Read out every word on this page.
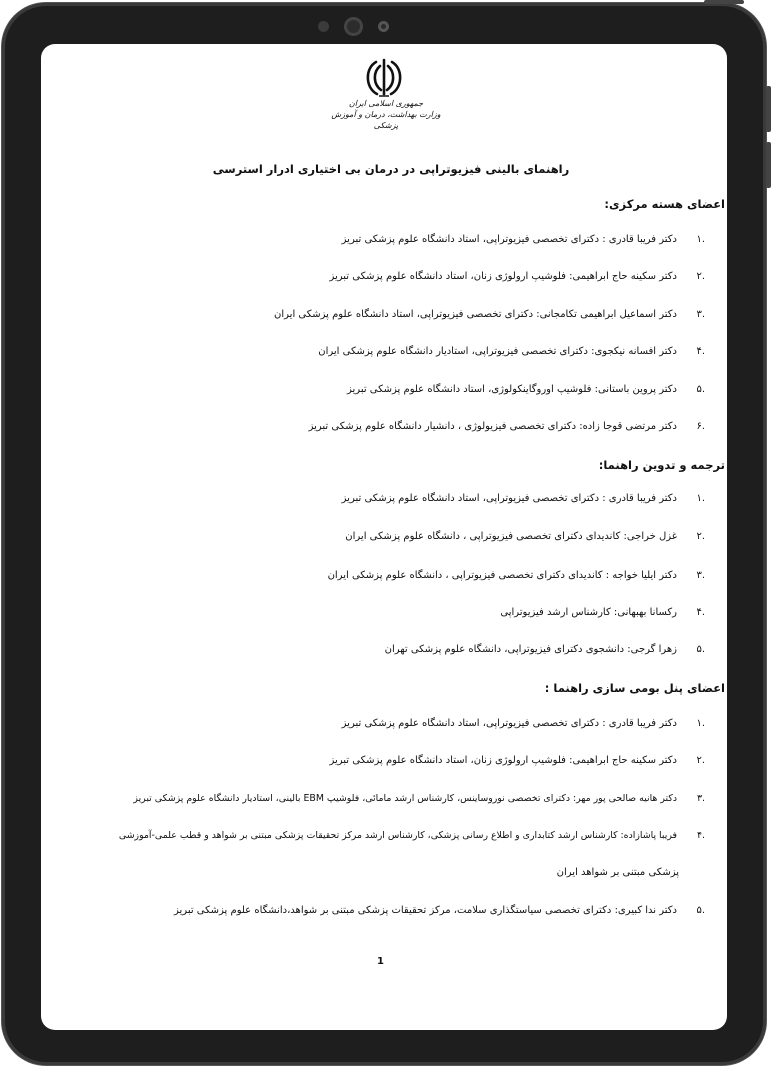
جمهوری اسلامی ایران
وزارت بهداشت، درمان و آموزش پزشکی
راهنمای بالینی فیزیوتراپی در درمان بی اختیاری ادرار استرسی
اعضای هسته مرکزی:
.۱دکتر فریبا قادری : دکترای تخصصی فیزیوتراپی، استاد دانشگاه علوم پزشکی تبریز
.۲دکتر سکینه حاج ابراهیمی: فلوشیپ ارولوژی زنان، استاد دانشگاه علوم پزشکی تبریز
.۳دکتر اسماعیل ابراهیمی تکامجانی: دکترای تخصصی فیزیوتراپی، استاد دانشگاه علوم پزشکی ایران
.۴دکتر افسانه نیکجوی: دکترای تخصصی فیزیوتراپی، استادیار دانشگاه علوم پزشکی ایران
.۵دکتر پروین باستانی: فلوشیپ اوروگاینکولوژی، استاد دانشگاه علوم پزشکی تبریز
.۶دکتر مرتضی قوجا زاده: دکترای تخصصی فیزیولوژی ، دانشیار دانشگاه علوم پزشکی تبریز
ترجمه و تدوین راهنما:
.۱دکتر فریبا قادری : دکترای تخصصی فیزیوتراپی، استاد دانشگاه علوم پزشکی تبریز
.۲غزل خراجی: کاندیدای دکترای تخصصی فیزیوتراپی ، دانشگاه علوم پزشکی ایران
.۳دکتر ایلیا خواجه : کاندیدای دکترای تخصصی فیزیوتراپی ، دانشگاه علوم پزشکی ایران
.۴رکسانا بهبهانی: کارشناس ارشد فیزیوتراپی
.۵زهرا گرجی: دانشجوی دکترای فیزیوتراپی، دانشگاه علوم پزشکی تهران
اعضای پنل بومی سازی راهنما :
.۱دکتر فریبا قادری : دکترای تخصصی فیزیوتراپی، استاد دانشگاه علوم پزشکی تبریز
.۲دکتر سکینه حاج ابراهیمی: فلوشیپ ارولوژی زنان، استاد دانشگاه علوم پزشکی تبریز
.۳دکتر هانیه صالحی پور مهر: دکترای تخصصی نوروساینس، کارشناس ارشد مامائی، فلوشیپ EBM بالینی، استادیار دانشگاه علوم پزشکی تبریز
.۴فریبا پاشازاده: کارشناس ارشد کتابداری و اطلاع رسانی پزشکی، کارشناس ارشد مرکز تحقیقات پزشکی مبتنی بر شواهد و قطب علمی-آموزشی
پزشکی مبتنی بر شواهد ایران
.۵دکتر ندا کبیری: دکترای تخصصی سیاستگذاری سلامت، مرکز تحقیقات پزشکی مبتنی بر شواهد،دانشگاه علوم پزشکی تبریز
1
